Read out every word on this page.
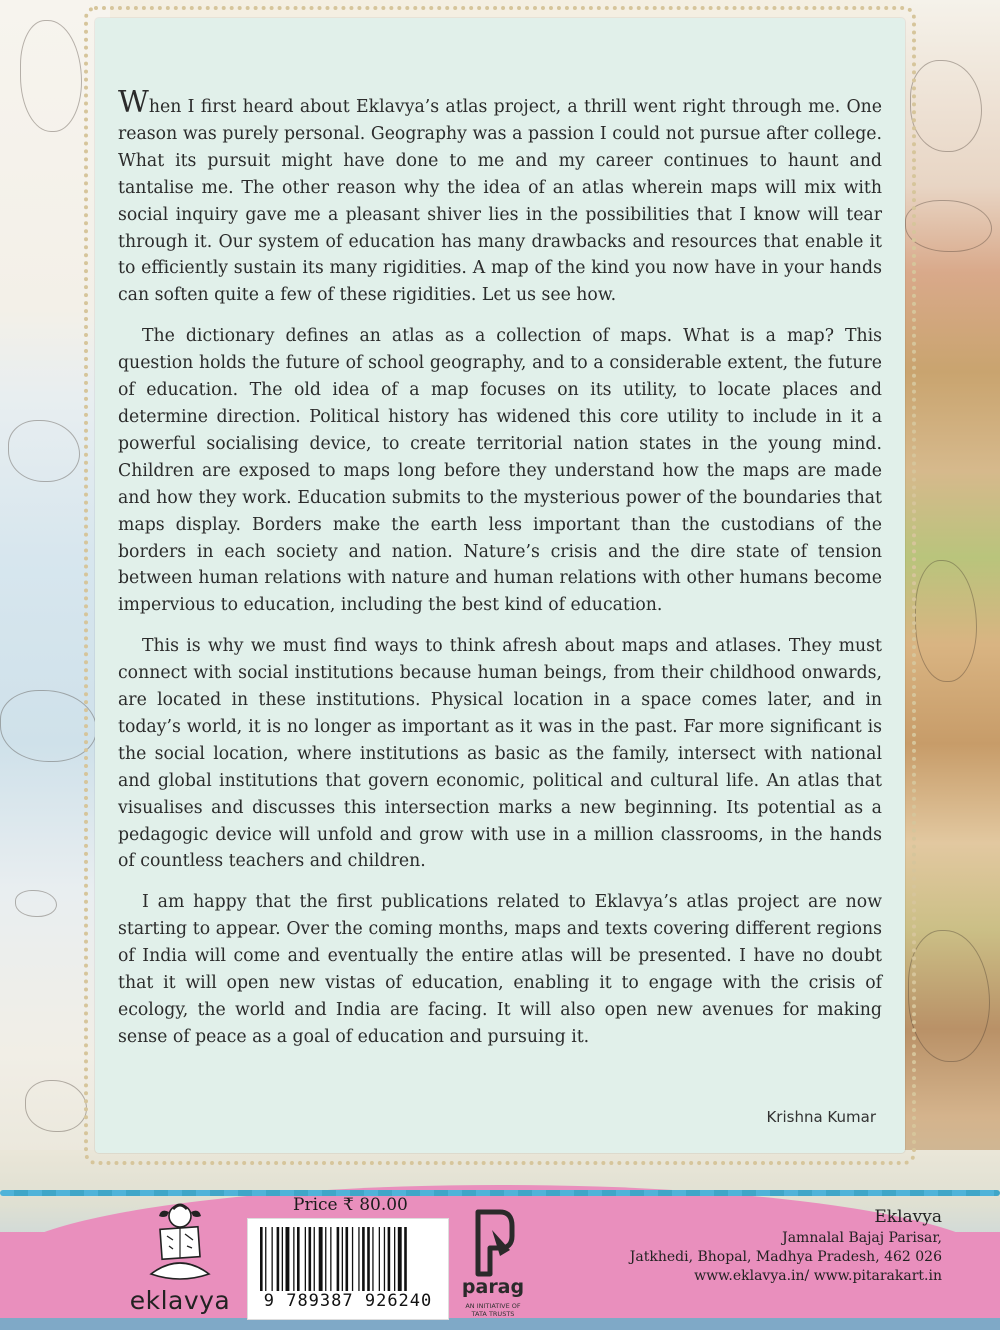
When I first heard about Eklavya’s atlas project, a thrill went right through me. One reason was purely personal. Geography was a passion I could not pursue after college. What its pursuit might have done to me and my career continues to haunt and tantalise me. The other reason why the idea of an atlas wherein maps will mix with social inquiry gave me a pleasant shiver lies in the possibilities that I know will tear through it. Our system of education has many drawbacks and resources that enable it to efficiently sustain its many rigidities. A map of the kind you now have in your hands can soften quite a few of these rigidities. Let us see how.

The dictionary defines an atlas as a collection of maps. What is a map? This question holds the future of school geography, and to a considerable extent, the future of education. The old idea of a map focuses on its utility, to locate places and determine direction. Political history has widened this core utility to include in it a powerful socialising device, to create territorial nation states in the young mind. Children are exposed to maps long before they understand how the maps are made and how they work. Education submits to the mysterious power of the boundaries that maps display. Borders make the earth less important than the custodians of the borders in each society and nation. Nature’s crisis and the dire state of tension between human relations with nature and human relations with other humans become impervious to education, including the best kind of education.

This is why we must find ways to think afresh about maps and atlases. They must connect with social institutions because human beings, from their childhood onwards, are located in these institutions. Physical location in a space comes later, and in today’s world, it is no longer as important as it was in the past. Far more significant is the social location, where institutions as basic as the family, intersect with national and global institutions that govern economic, political and cultural life. An atlas that visualises and discusses this intersection marks a new beginning. Its potential as a pedagogic device will unfold and grow with use in a million classrooms, in the hands of countless teachers and children.

I am happy that the first publications related to Eklavya’s atlas project are now starting to appear. Over the coming months, maps and texts covering different regions of India will come and eventually the entire atlas will be presented. I have no doubt that it will open new vistas of education, enabling it to engage with the crisis of ecology, the world and India are facing. It will also open new avenues for making sense of peace as a goal of education and pursuing it.

Krishna Kumar
eklavya
Price ₹ 80.00
9 789387 926240
parag
AN INITIATIVE OF TATA TRUSTS
Eklavya
Jamnalal Bajaj Parisar,
Jatkhedi, Bhopal, Madhya Pradesh, 462 026
www.eklavya.in/ www.pitarakart.in
